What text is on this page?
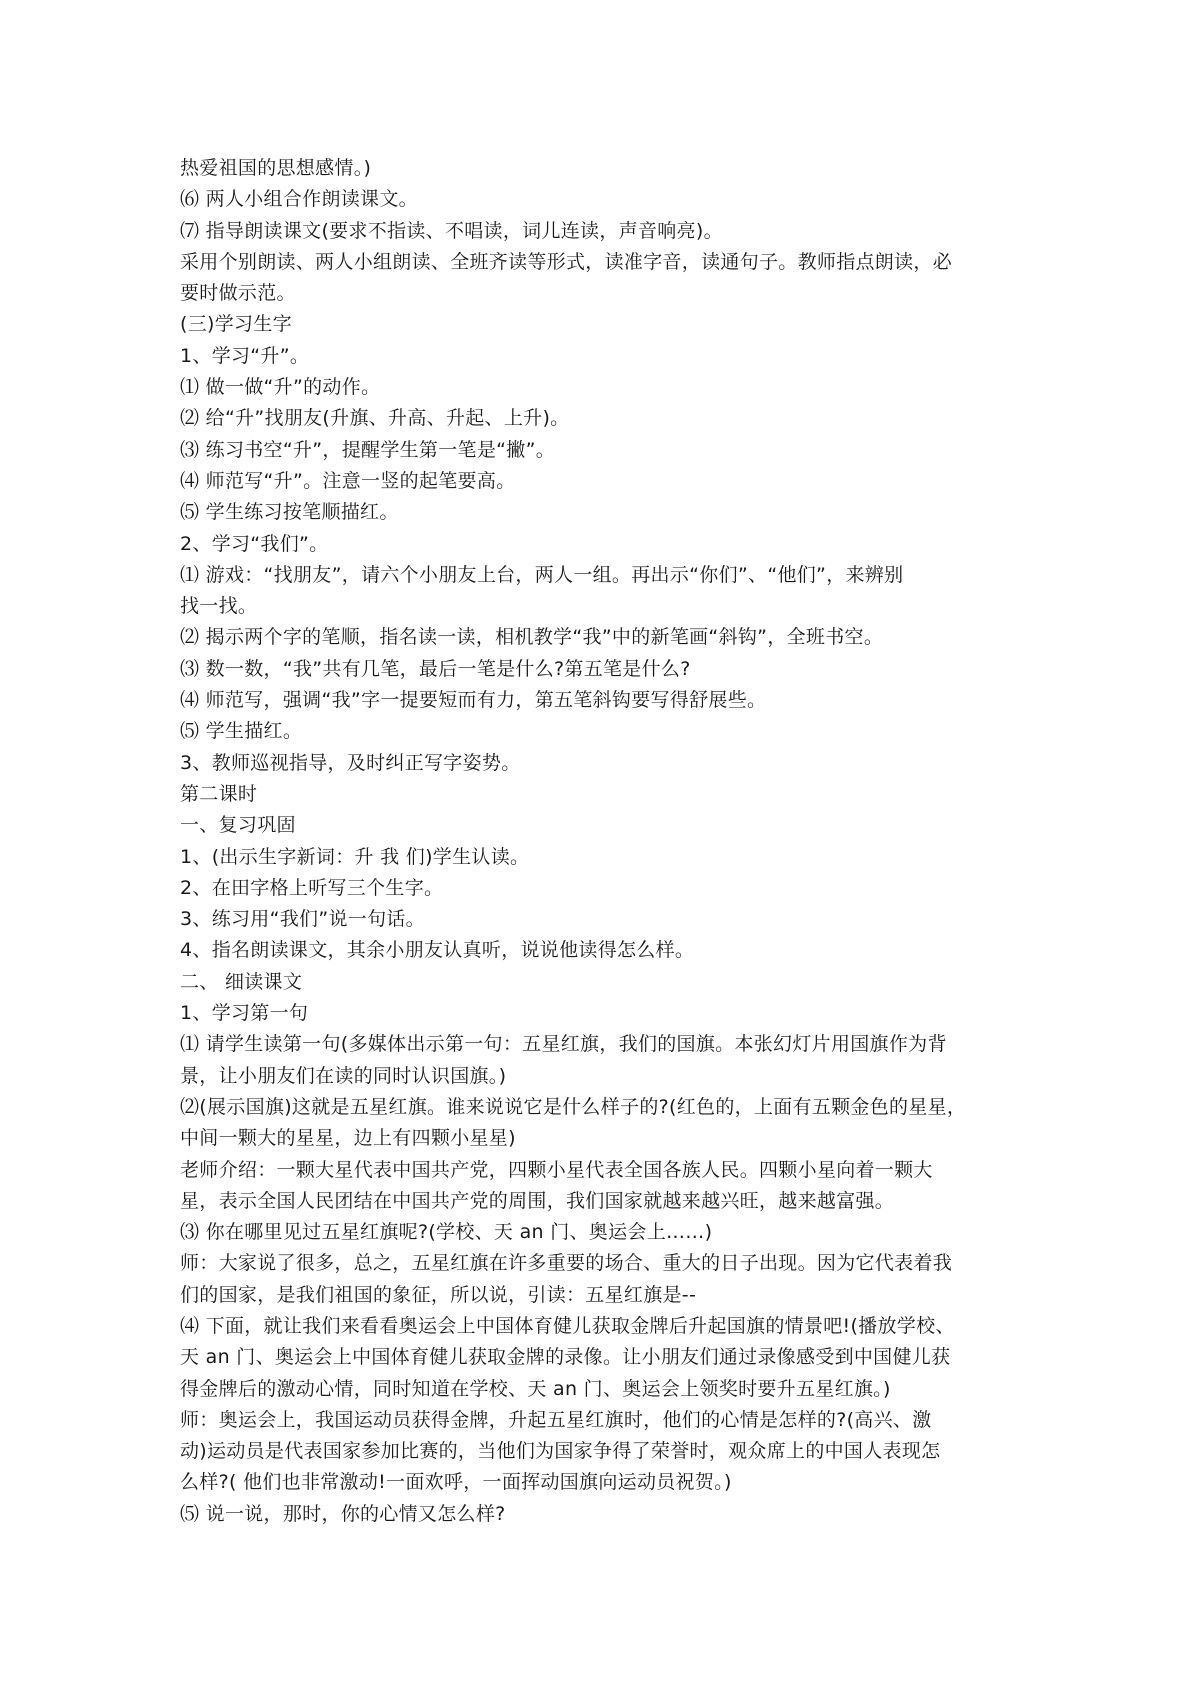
热爱祖国的思想感情。)

⑹ 两人小组合作朗读课文。

⑺ 指导朗读课文(要求不指读、不唱读，词儿连读，声音响亮)。

采用个别朗读、两人小组朗读、全班齐读等形式，读准字音，读通句子。教师指点朗读，必

要时做示范。

(三)学习生字

1、学习“升”。

⑴ 做一做“升”的动作。

⑵ 给“升”找朋友(升旗、升高、升起、上升)。

⑶ 练习书空“升”，提醒学生第一笔是“撇”。

⑷ 师范写“升”。注意一竖的起笔要高。

⑸ 学生练习按笔顺描红。

2、学习“我们”。

⑴ 游戏：“找朋友”，请六个小朋友上台，两人一组。再出示“你们”、“他们”，来辨别

找一找。

⑵ 揭示两个字的笔顺，指名读一读，相机教学“我”中的新笔画“斜钩”，全班书空。

⑶ 数一数，“我”共有几笔，最后一笔是什么?第五笔是什么?

⑷ 师范写，强调“我”字一提要短而有力，第五笔斜钩要写得舒展些。

⑸ 学生描红。

3、教师巡视指导，及时纠正写字姿势。

第二课时

一、复习巩固

1、(出示生字新词：升 我 们)学生认读。

2、在田字格上听写三个生字。

3、练习用“我们”说一句话。

4、指名朗读课文，其余小朋友认真听，说说他读得怎么样。

二、 细读课文

1、学习第一句

⑴ 请学生读第一句(多媒体出示第一句：五星红旗，我们的国旗。本张幻灯片用国旗作为背

景，让小朋友们在读的同时认识国旗。)

⑵(展示国旗)这就是五星红旗。谁来说说它是什么样子的?(红色的，上面有五颗金色的星星，

中间一颗大的星星，边上有四颗小星星)

老师介绍：一颗大星代表中国共产党，四颗小星代表全国各族人民。四颗小星向着一颗大

星，表示全国人民团结在中国共产党的周围，我们国家就越来越兴旺，越来越富强。

⑶ 你在哪里见过五星红旗呢?(学校、天 an 门、奥运会上……)

师：大家说了很多，总之，五星红旗在许多重要的场合、重大的日子出现。因为它代表着我

们的国家，是我们祖国的象征，所以说，引读：五星红旗是--

⑷ 下面，就让我们来看看奥运会上中国体育健儿获取金牌后升起国旗的情景吧!(播放学校、

天 an 门、奥运会上中国体育健儿获取金牌的录像。让小朋友们通过录像感受到中国健儿获

得金牌后的激动心情，同时知道在学校、天 an 门、奥运会上领奖时要升五星红旗。)

师：奥运会上，我国运动员获得金牌，升起五星红旗时，他们的心情是怎样的?(高兴、激

动)运动员是代表国家参加比赛的，当他们为国家争得了荣誉时，观众席上的中国人表现怎

么样?( 他们也非常激动!一面欢呼，一面挥动国旗向运动员祝贺。)

⑸ 说一说，那时，你的心情又怎么样?
